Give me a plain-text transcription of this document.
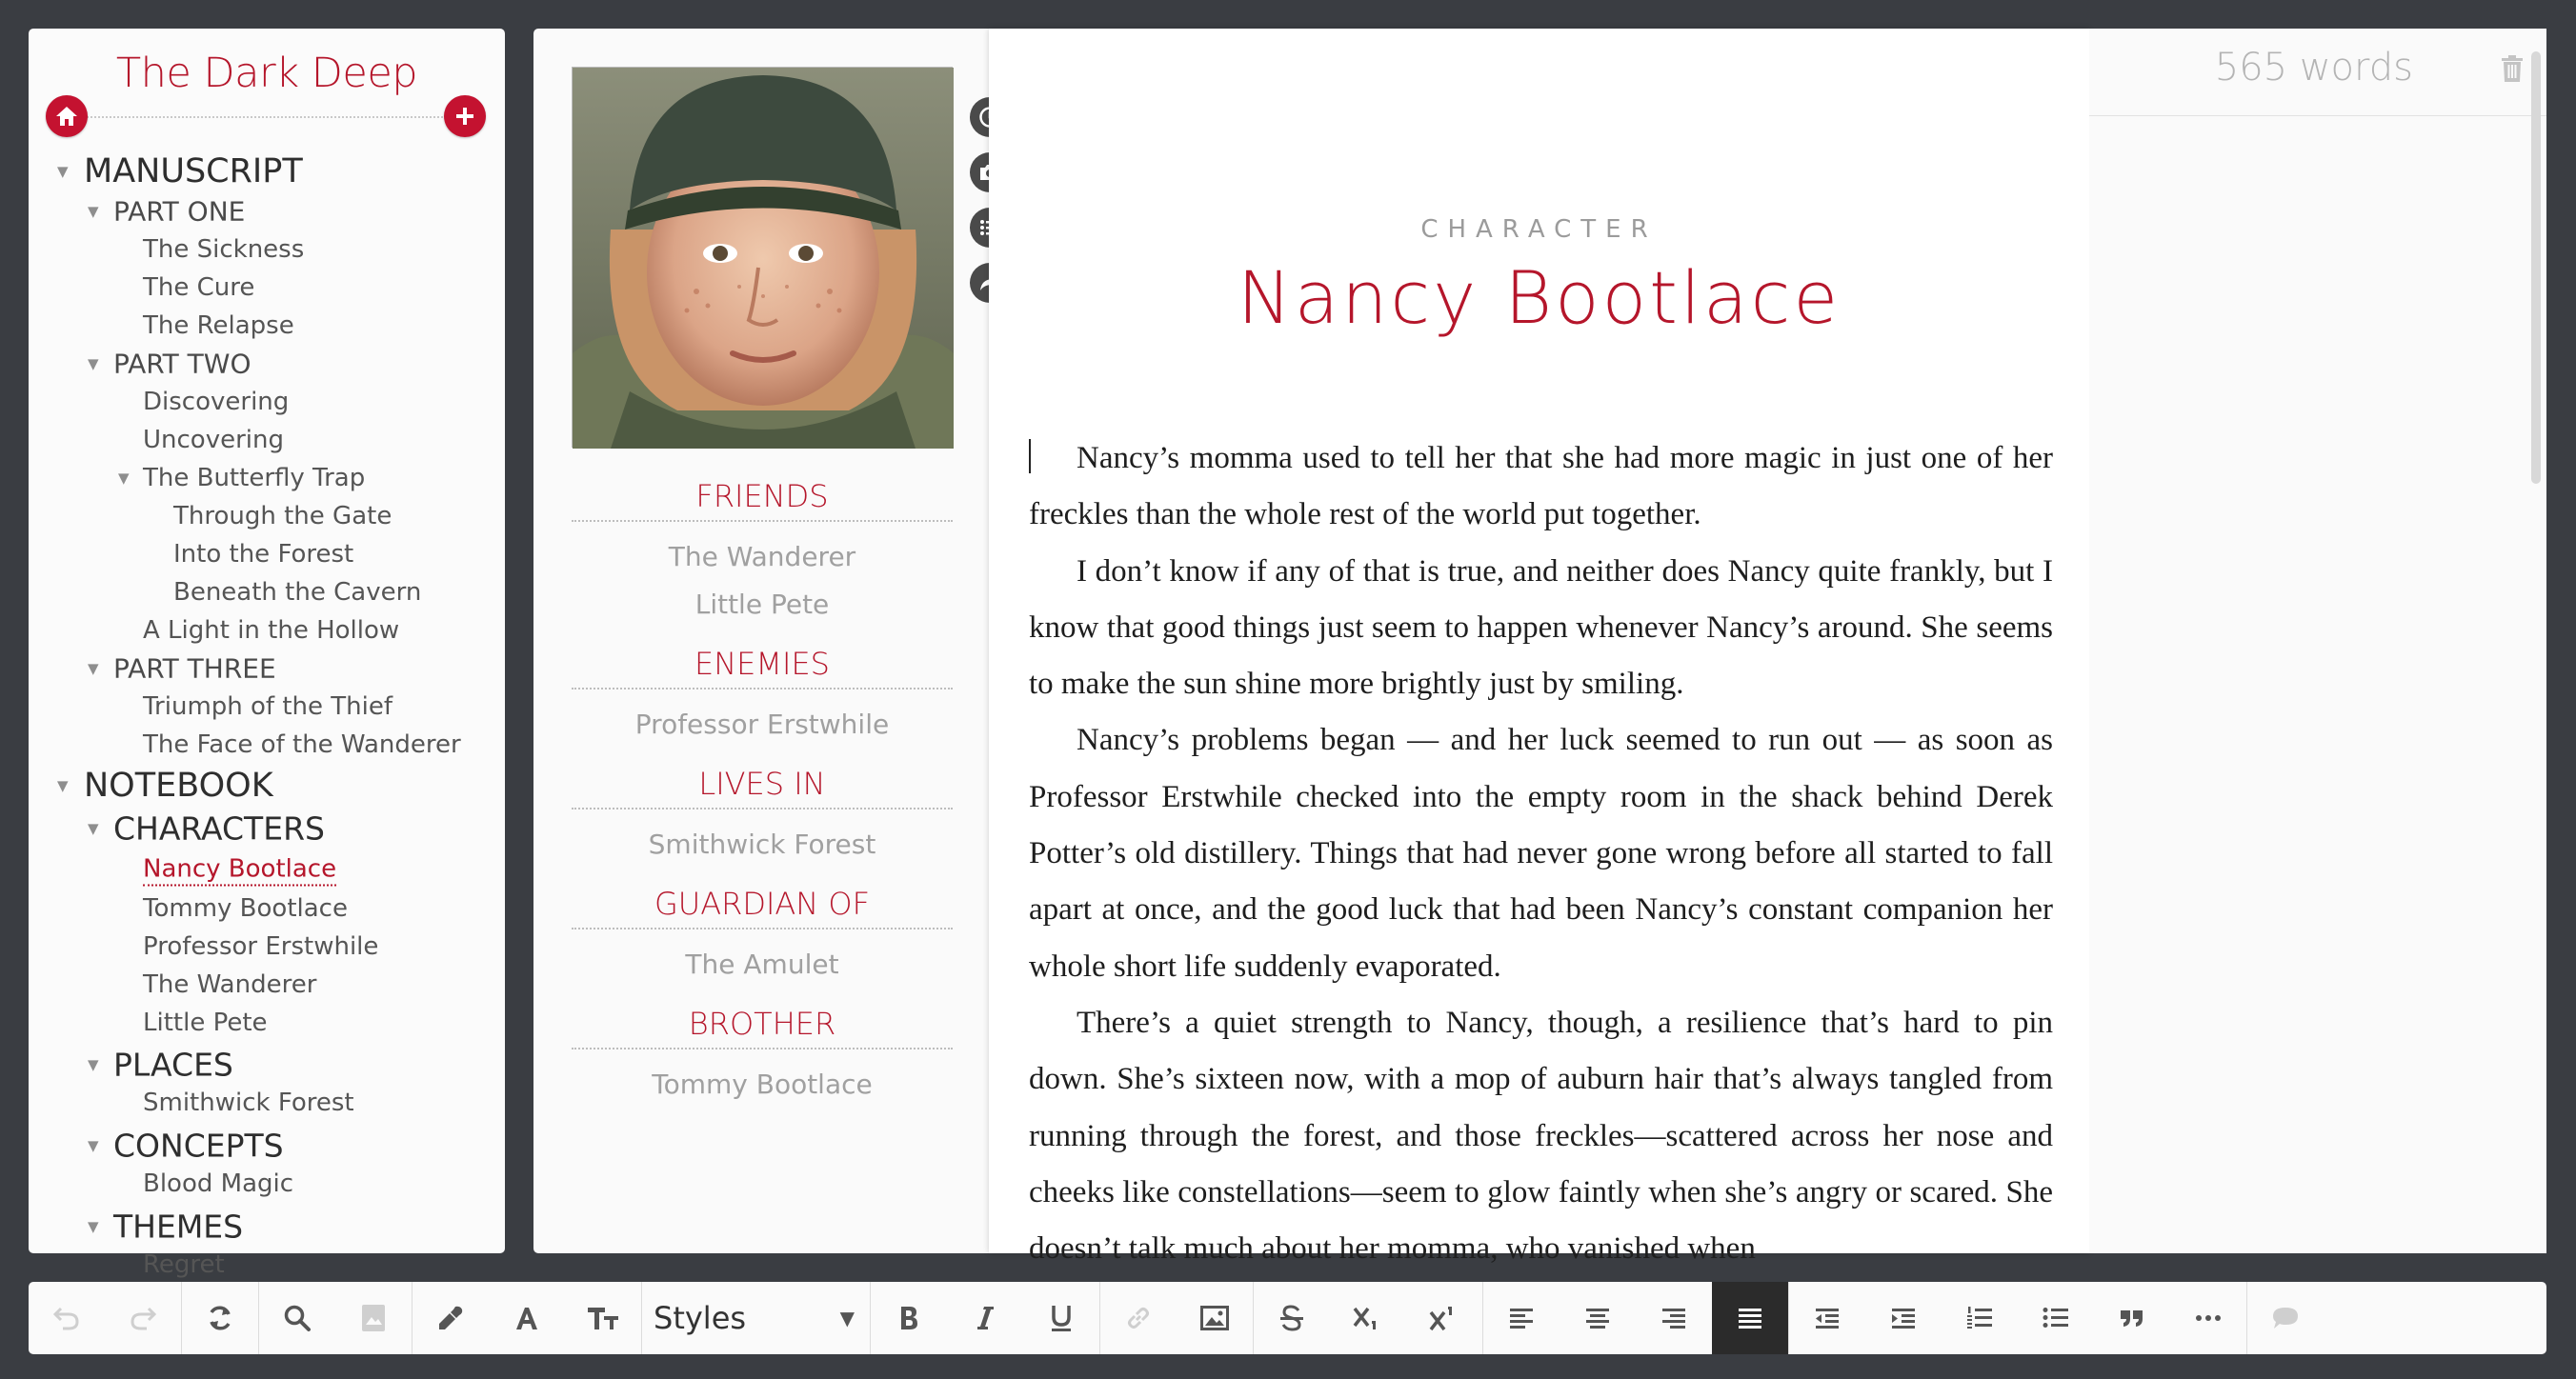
The Dark Deep
▼ MANUSCRIPT
▼ PART ONE
The Sickness
The Cure
The Relapse
▼ PART TWO
Discovering
Uncovering
▼ The Butterfly Trap
Through the Gate
Into the Forest
Beneath the Cavern
A Light in the Hollow
▼ PART THREE
Triumph of the Thief
The Face of the Wanderer
▼ NOTEBOOK
▼ CHARACTERS
Nancy Bootlace
Tommy Bootlace
Professor Erstwhile
The Wanderer
Little Pete
▼ PLACES
Smithwick Forest
▼ CONCEPTS
Blood Magic
▼ THEMES
Regret
FRIENDS
The Wanderer
Little Pete
ENEMIES
Professor Erstwhile
LIVES IN
Smithwick Forest
GUARDIAN OF
The Amulet
BROTHER
Tommy Bootlace
CHARACTER
Nancy Bootlace

Nancy’s momma used to tell her that she had more magic in just one of her freckles than the whole rest of the world put together.

I don’t know if any of that is true, and neither does Nancy quite frankly, but I know that good things just seem to happen whenever Nancy’s around. She seems to make the sun shine more brightly just by smiling.

Nancy’s problems began — and her luck seemed to run out — as soon as Professor Erstwhile checked into the empty room in the shack behind Derek Potter’s old distillery. Things that had never gone wrong before all started to fall apart at once, and the good luck that had been Nancy’s constant companion her whole short life suddenly evaporated.

There’s a quiet strength to Nancy, though, a resilience that’s hard to pin down. She’s sixteen now, with a mop of auburn hair that’s always tangled from running through the forest, and those freckles—scattered across her nose and cheeks like constellations—seem to glow faintly when she’s angry or scared. She doesn’t talk much about her momma, who vanished when

565 words
Styles	▼
